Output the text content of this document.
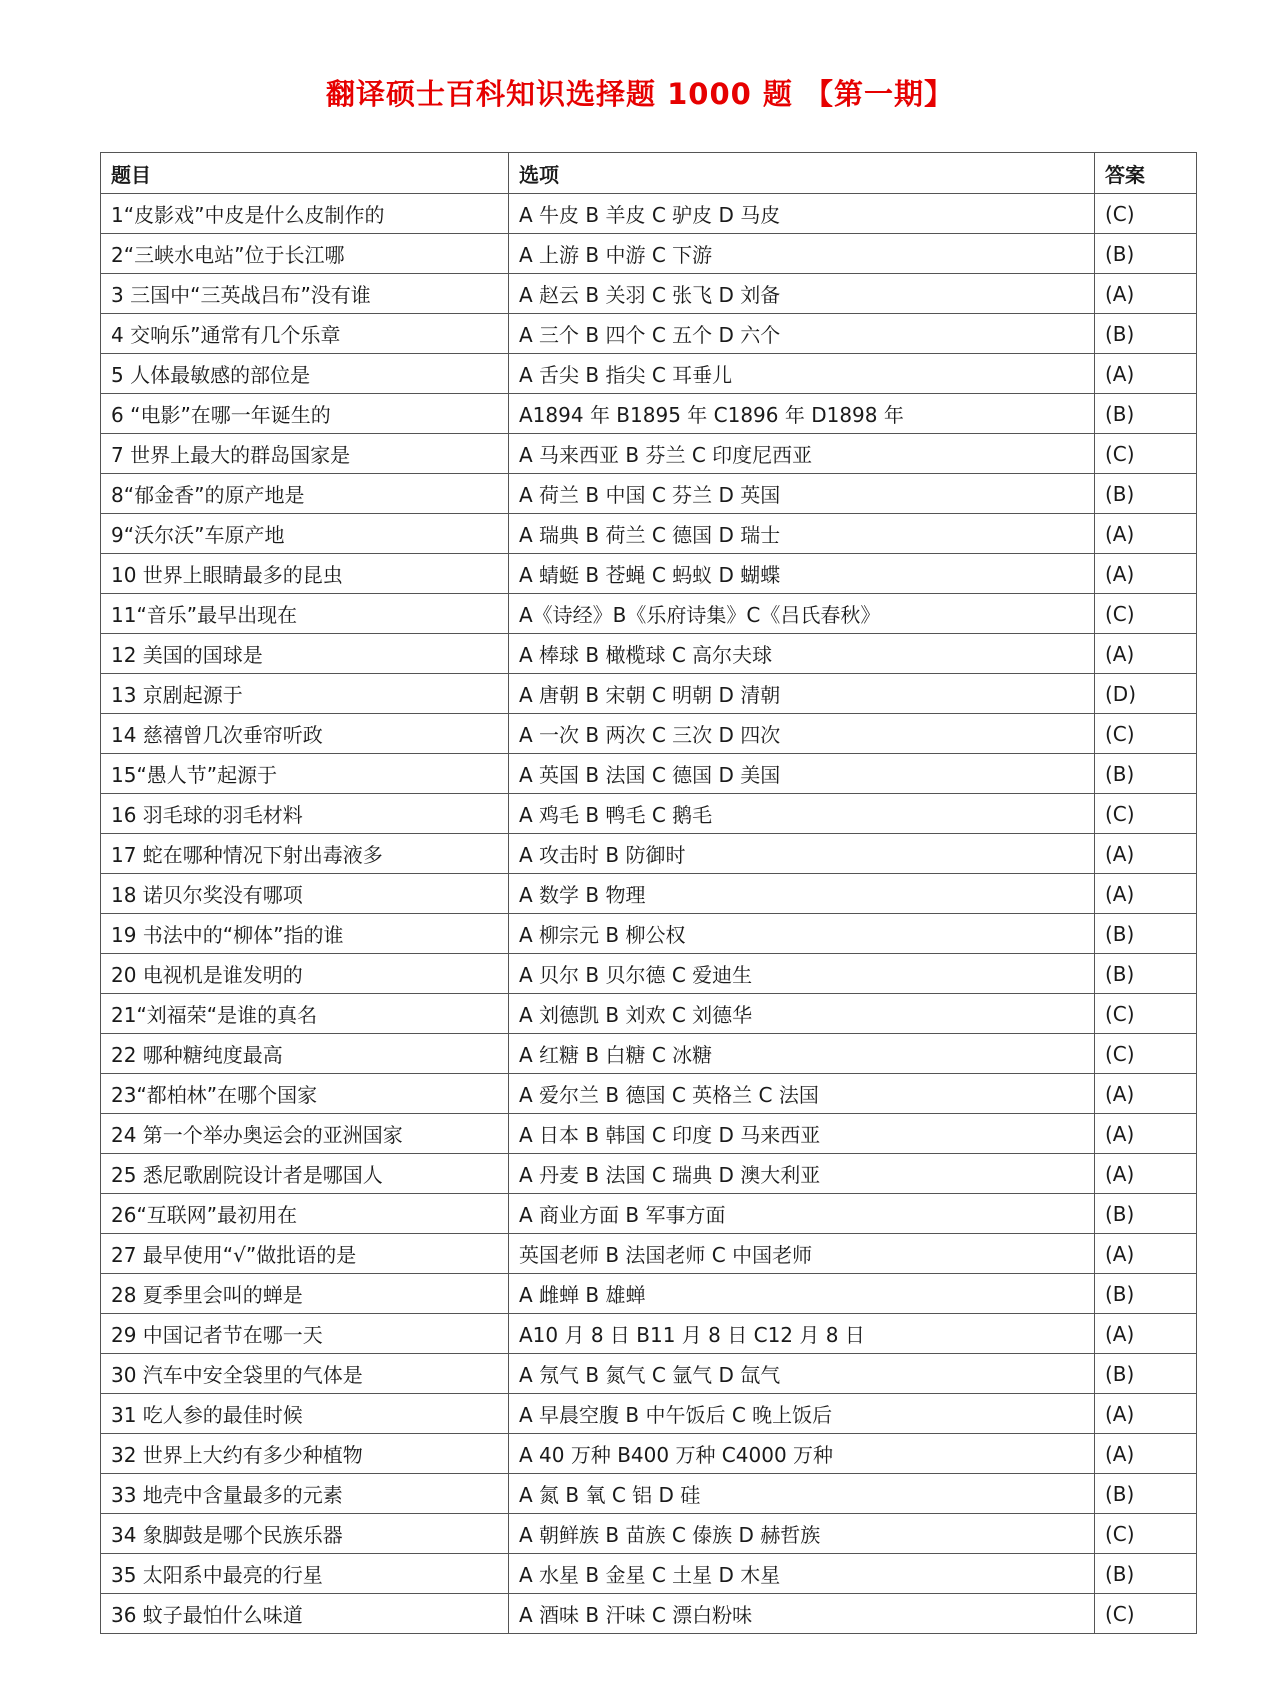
翻译硕士百科知识选择题 1000 题 【第一期】
题目	选项	答案
1“皮影戏”中皮是什么皮制作的	A 牛皮 B 羊皮 C 驴皮 D 马皮	(C)
2“三峡水电站”位于长江哪	A 上游 B 中游 C 下游	(B)
3 三国中“三英战吕布”没有谁	A 赵云 B 关羽 C 张飞 D 刘备	(A)
4 交响乐”通常有几个乐章	A 三个 B 四个 C 五个 D 六个	(B)
5 人体最敏感的部位是	A 舌尖 B 指尖 C 耳垂儿	(A)
6 “电影”在哪一年诞生的	A1894 年 B1895 年 C1896 年 D1898 年	(B)
7 世界上最大的群岛国家是	A 马来西亚 B 芬兰 C 印度尼西亚	(C)
8“郁金香”的原产地是	A 荷兰 B 中国 C 芬兰 D 英国	(B)
9“沃尔沃”车原产地	A 瑞典 B 荷兰 C 德国 D 瑞士	(A)
10 世界上眼睛最多的昆虫	A 蜻蜓 B 苍蝇 C 蚂蚁 D 蝴蝶	(A)
11“音乐”最早出现在	A《诗经》B《乐府诗集》C《吕氏春秋》	(C)
12 美国的国球是	A 棒球 B 橄榄球 C 高尔夫球	(A)
13 京剧起源于	A 唐朝 B 宋朝 C 明朝 D 清朝	(D)
14 慈禧曾几次垂帘听政	A 一次 B 两次 C 三次 D 四次	(C)
15“愚人节”起源于	A 英国 B 法国 C 德国 D 美国	(B)
16 羽毛球的羽毛材料	A 鸡毛 B 鸭毛 C 鹅毛	(C)
17 蛇在哪种情况下射出毒液多	A 攻击时 B 防御时	(A)
18 诺贝尔奖没有哪项	A 数学 B 物理	(A)
19 书法中的“柳体”指的谁	A 柳宗元 B 柳公权	(B)
20 电视机是谁发明的	A 贝尔 B 贝尔德 C 爱迪生	(B)
21“刘福荣“是谁的真名	A 刘德凯 B 刘欢 C 刘德华	(C)
22 哪种糖纯度最高	A 红糖 B 白糖 C 冰糖	(C)
23“都柏林”在哪个国家	A 爱尔兰 B 德国 C 英格兰 C 法国	(A)
24 第一个举办奥运会的亚洲国家	A 日本 B 韩国 C 印度 D 马来西亚	(A)
25 悉尼歌剧院设计者是哪国人	A 丹麦 B 法国 C 瑞典 D 澳大利亚	(A)
26“互联网”最初用在	A 商业方面 B 军事方面	(B)
27 最早使用“√”做批语的是	英国老师 B 法国老师 C 中国老师	(A)
28 夏季里会叫的蝉是	A 雌蝉 B 雄蝉	(B)
29 中国记者节在哪一天	A10 月 8 日 B11 月 8 日 C12 月 8 日	(A)
30 汽车中安全袋里的气体是	A 氖气 B 氮气 C 氩气 D 氙气	(B)
31 吃人参的最佳时候	A 早晨空腹 B 中午饭后 C 晚上饭后	(A)
32 世界上大约有多少种植物	A 40 万种 B400 万种 C4000 万种	(A)
33 地壳中含量最多的元素	A 氮 B 氧 C 铝 D 硅	(B)
34 象脚鼓是哪个民族乐器	A 朝鲜族 B 苗族 C 傣族 D 赫哲族	(C)
35 太阳系中最亮的行星	A 水星 B 金星 C 土星 D 木星	(B)
36 蚊子最怕什么味道	A 酒味 B 汗味 C 漂白粉味	(C)
